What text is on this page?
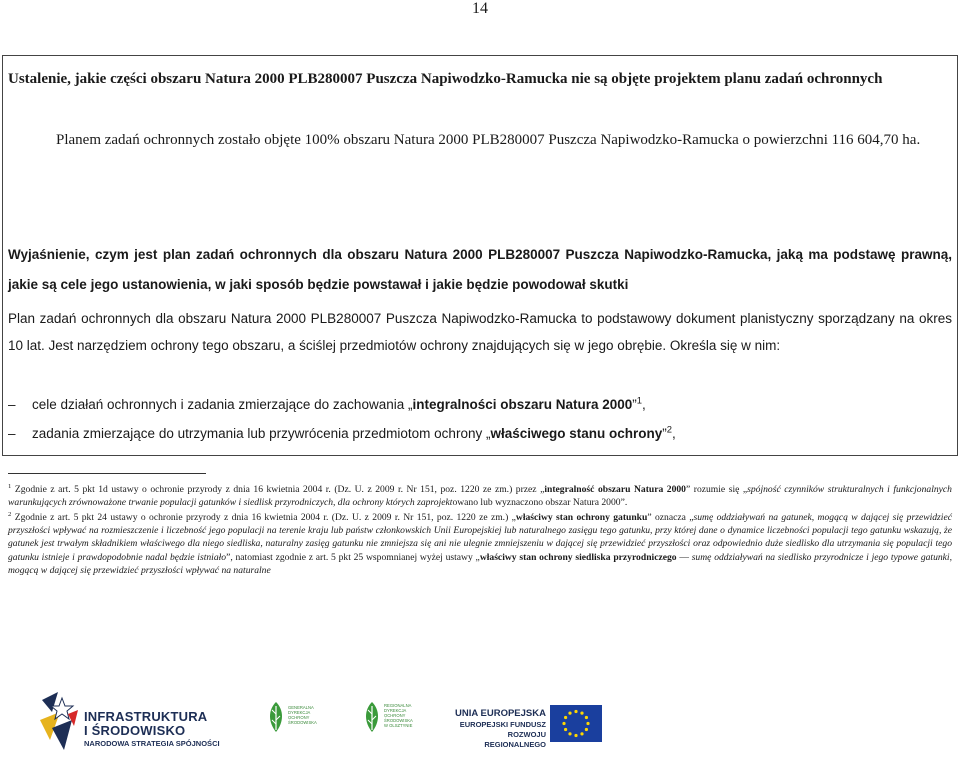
14
Ustalenie, jakie części obszaru Natura 2000 PLB280007 Puszcza Napiwodzko-Ramucka nie są objęte projektem planu zadań ochronnych
Planem zadań ochronnych zostało objęte 100% obszaru Natura 2000 PLB280007 Puszcza Napiwodzko-Ramucka o powierzchni 116 604,70 ha.
Wyjaśnienie, czym jest plan zadań ochronnych dla obszaru Natura 2000 PLB280007 Puszcza Napiwodzko-Ramucka, jaką ma podstawę prawną, jakie są cele jego ustanowienia, w jaki sposób będzie powstawał i jakie będzie powodował skutki
Plan zadań ochronnych dla obszaru Natura 2000 PLB280007 Puszcza Napiwodzko-Ramucka to podstawowy dokument planistyczny sporządzany na okres 10 lat. Jest narzędziem ochrony tego obszaru, a ściślej przedmiotów ochrony znajdujących się w jego obrębie. Określa się w nim:
– cele działań ochronnych i zadania zmierzające do zachowania „integralności obszaru Natura 2000”$^1$,
– zadania zmierzające do utrzymania lub przywrócenia przedmiotom ochrony „właściwego stanu ochrony”$^2$,
$^1$ Zgodnie z art. 5 pkt 1d ustawy o ochronie przyrody z dnia 16 kwietnia 2004 r. (Dz. U. z 2009 r. Nr 151, poz. 1220 ze zm.) przez „integralność obszaru Natura 2000” rozumie się „spójność czynników strukturalnych i funkcjonalnych warunkujących zrównoważone trwanie populacji gatunków i siedlisk przyrodniczych, dla ochrony których zaprojektowano lub wyznaczono obszar Natura 2000”.
$^2$ Zgodnie z art. 5 pkt 24 ustawy o ochronie przyrody z dnia 16 kwietnia 2004 r. (Dz. U. z 2009 r. Nr 151, poz. 1220 ze zm.) „właściwy stan ochrony gatunku” oznacza „sumę oddziaływań na gatunek, mogącą w dającej się przewidzieć przyszłości wpływać na rozmieszczenie i liczebność jego populacji na terenie kraju lub państw członkowskich Unii Europejskiej lub naturalnego zasięgu tego gatunku, przy której dane o dynamice liczebności populacji tego gatunku wskazują, że gatunek jest trwałym składnikiem właściwego dla niego siedliska, naturalny zasięg gatunku nie zmniejsza się ani nie ulegnie zmniejszeniu w dającej się przewidzieć przyszłości oraz odpowiednio duże siedlisko dla utrzymania się populacji tego gatunku istnieje i prawdopodobnie nadal będzie istniało”, natomiast zgodnie z art. 5 pkt 25 wspomnianej wyżej ustawy „właściwy stan ochrony siedliska przyrodniczego — sumę oddziaływań na siedlisko przyrodnicze i jego typowe gatunki, mogącą w dającej się przewidzieć przyszłości wpływać na naturalne
INFRASTRUKTURA
I ŚRODOWISKO
NARODOWA STRATEGIA SPÓJNOŚCI
GENERALNA DYREKCJA OCHRONY ŚRODOWISKA
REGIONALNA DYREKCJA OCHRONY ŚRODOWISKA W OLSZTYNIE
UNIA EUROPEJSKA
EUROPEJSKI FUNDUSZ
ROZWOJU REGIONALNEGO
